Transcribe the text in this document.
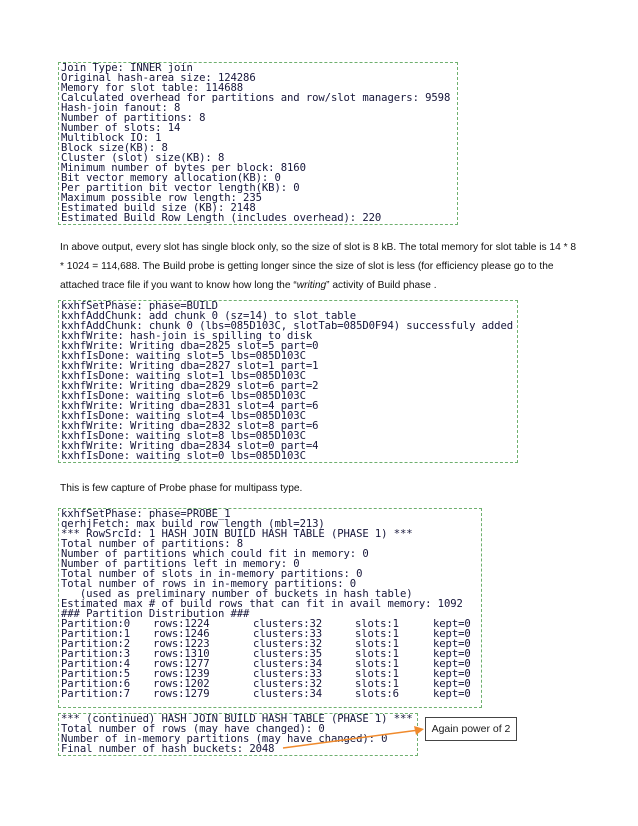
Join Type: INNER join
Original hash-area size: 124286
Memory for slot table: 114688
Calculated overhead for partitions and row/slot managers: 9598
Hash-join fanout: 8
Number of partitions: 8
Number of slots: 14
Multiblock IO: 1
Block size(KB): 8
Cluster (slot) size(KB): 8
Minimum number of bytes per block: 8160
Bit vector memory allocation(KB): 0
Per partition bit vector length(KB): 0
Maximum possible row length: 235
Estimated build size (KB): 2148
Estimated Build Row Length (includes overhead): 220
In above output, every slot has single block only, so the size of slot is 8 kB. The total memory for slot table is 14 * 8 * 1024 = 114,688. The Build probe is getting longer since the size of slot is less (for efficiency please go to the attached trace file if you want to know how long the “writing” activity of Build phase .
kxhfSetPhase: phase=BUILD
kxhfAddChunk: add chunk 0 (sz=14) to slot table
kxhfAddChunk: chunk 0 (lbs=085D103C, slotTab=085D0F94) successfuly added
kxhfWrite: hash-join is spilling to disk
kxhfWrite: Writing dba=2825 slot=5 part=0
kxhfIsDone: waiting slot=5 lbs=085D103C
kxhfWrite: Writing dba=2827 slot=1 part=1
kxhfIsDone: waiting slot=1 lbs=085D103C
kxhfWrite: Writing dba=2829 slot=6 part=2
kxhfIsDone: waiting slot=6 lbs=085D103C
kxhfWrite: Writing dba=2831 slot=4 part=6
kxhfIsDone: waiting slot=4 lbs=085D103C
kxhfWrite: Writing dba=2832 slot=8 part=6
kxhfIsDone: waiting slot=8 lbs=085D103C
kxhfWrite: Writing dba=2834 slot=0 part=4
kxhfIsDone: waiting slot=0 lbs=085D103C
This is few capture of Probe phase for multipass type.
kxhfSetPhase: phase=PROBE_1
qerhjFetch: max build row length (mbl=213)
*** RowSrcId: 1 HASH JOIN BUILD HASH TABLE (PHASE 1) ***
Total number of partitions: 8
Number of partitions which could fit in memory: 0
Number of partitions left in memory: 0
Total number of slots in in-memory partitions: 0
Total number of rows in in-memory partitions: 0
(used as preliminary number of buckets in hash table)
Estimated max # of build rows that can fit in avail memory: 1092
### Partition Distribution ###
Partition:0	rows:1224	clusters:32	slots:1	kept=0
Partition:1	rows:1246	clusters:33	slots:1	kept=0
Partition:2	rows:1223	clusters:32	slots:1	kept=0
Partition:3	rows:1310	clusters:35	slots:1	kept=0
Partition:4	rows:1277	clusters:34	slots:1	kept=0
Partition:5	rows:1239	clusters:33	slots:1	kept=0
Partition:6	rows:1202	clusters:32	slots:1	kept=0
Partition:7	rows:1279	clusters:34	slots:6	kept=0
*** (continued) HASH JOIN BUILD HASH TABLE (PHASE 1) ***
Total number of rows (may have changed): 0
Number of in-memory partitions (may have changed): 0
Final number of hash buckets: 2048
Again power of 2
